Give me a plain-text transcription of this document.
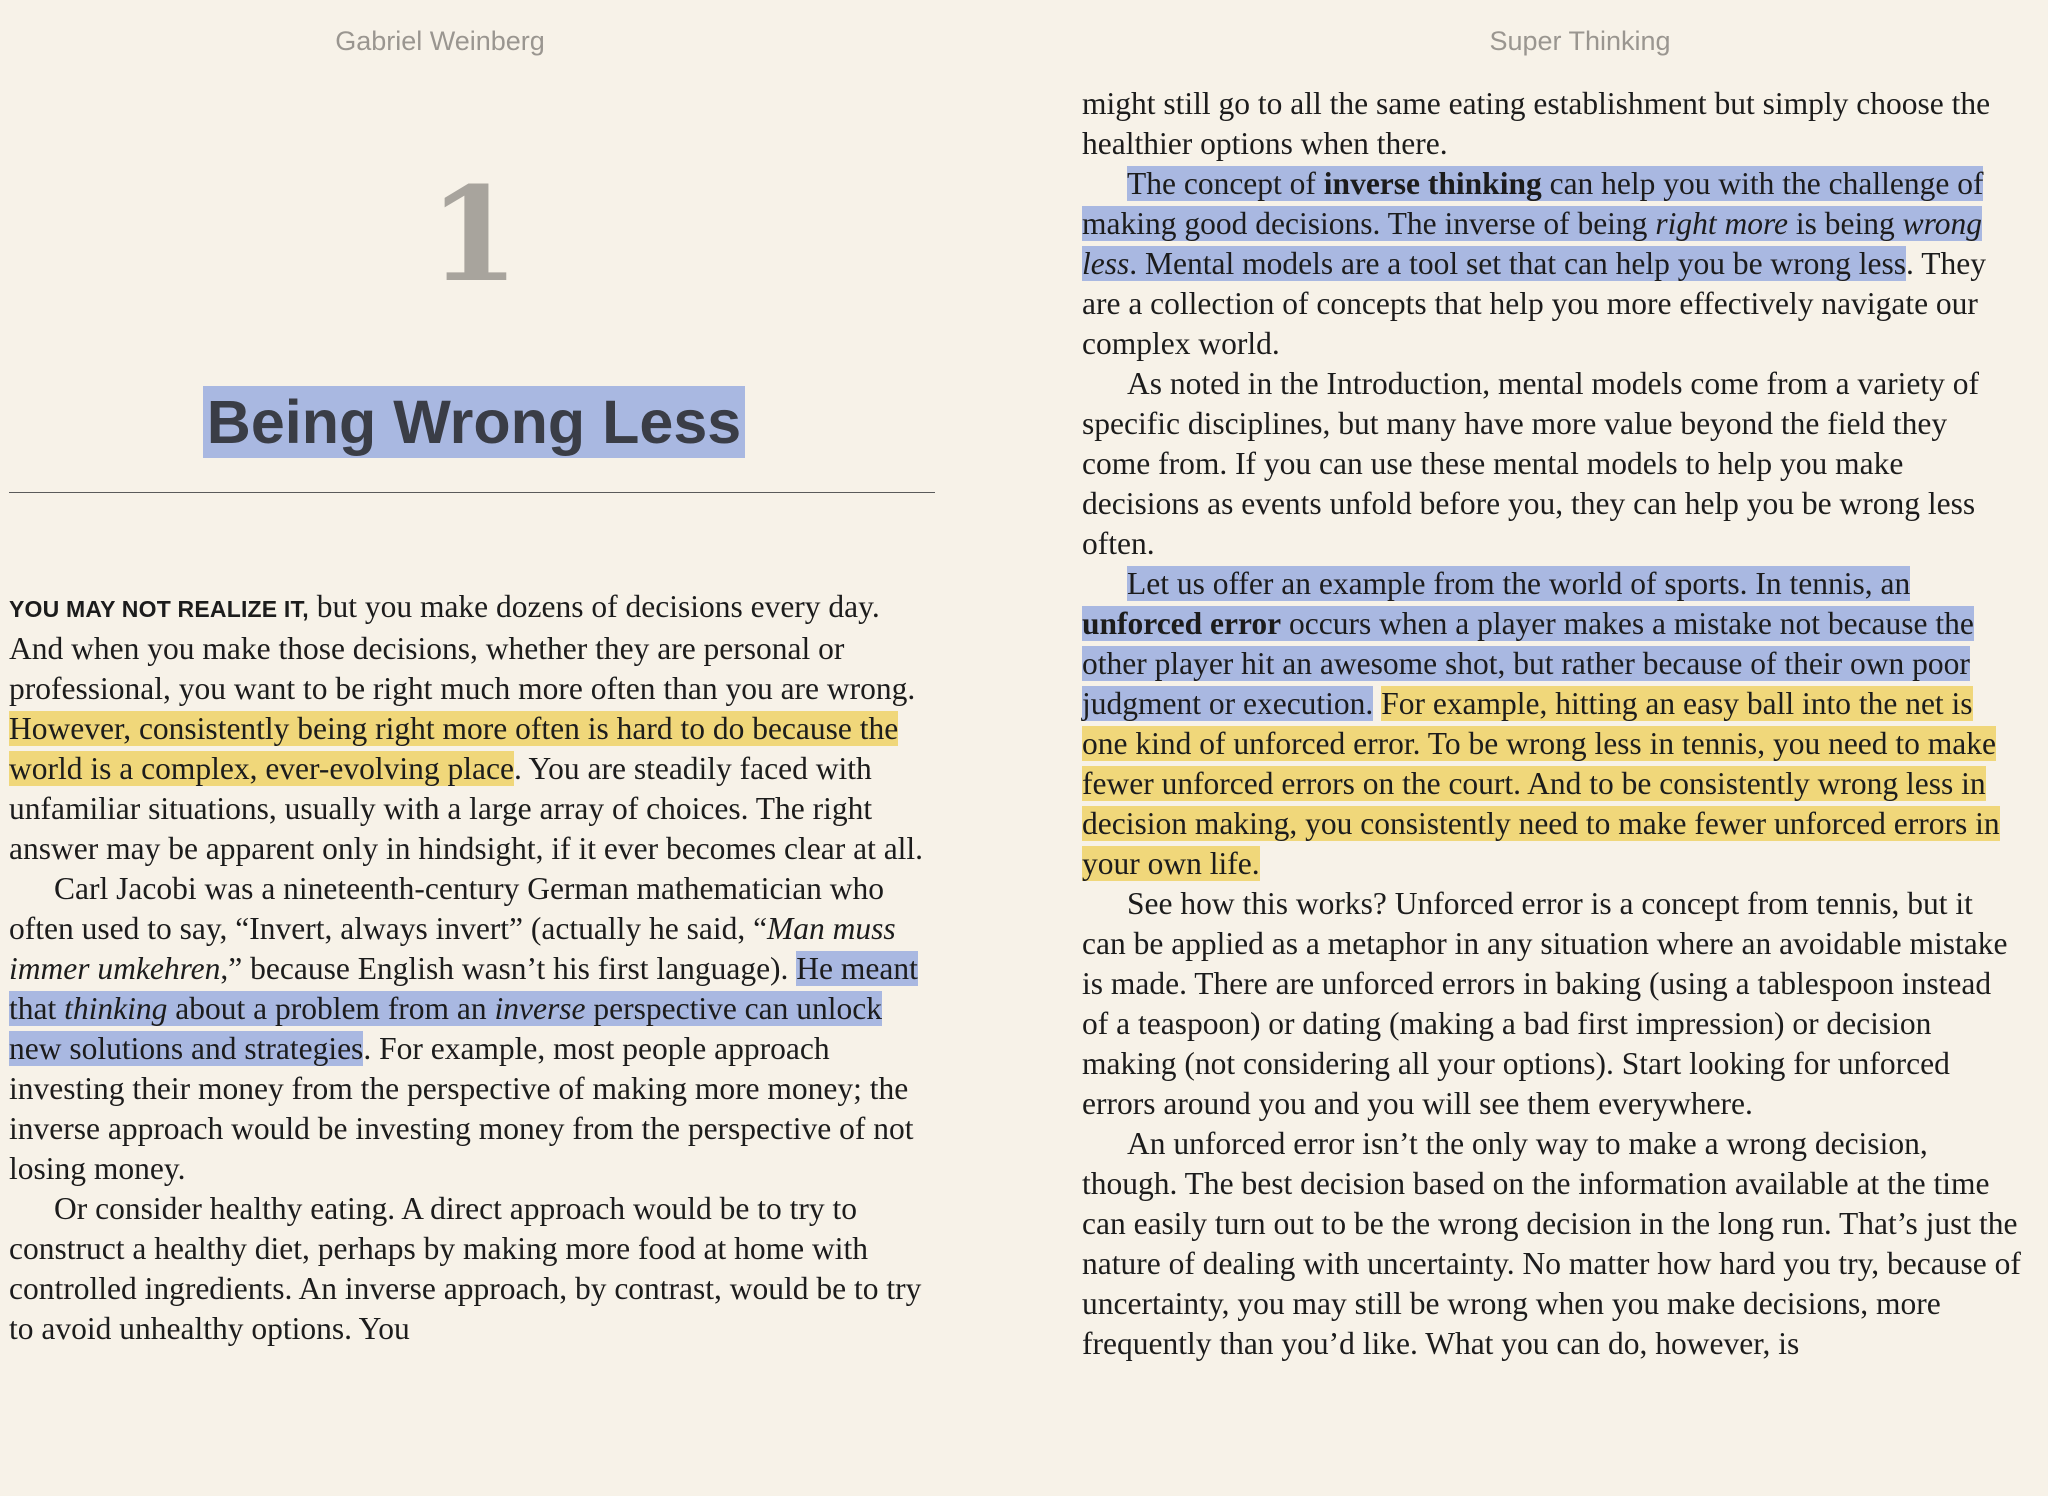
Gabriel Weinberg	Super Thinking
1
Being Wrong Less

YOU MAY NOT REALIZE IT, but you make dozens of decisions every day. And when you make those decisions, whether they are personal or professional, you want to be right much more often than you are wrong. However, consistently being right more often is hard to do because the world is a complex, ever-evolving place. You are steadily faced with unfamiliar situations, usually with a large array of choices. The right answer may be apparent only in hindsight, if it ever becomes clear at all.

Carl Jacobi was a nineteenth-century German mathematician who often used to say, “Invert, always invert” (actually he said, “Man muss immer umkehren,” because English wasn’t his first language). He meant that thinking about a problem from an inverse perspective can unlock new solutions and strategies. For example, most people approach investing their money from the perspective of making more money; the inverse approach would be investing money from the perspective of not losing money.

Or consider healthy eating. A direct approach would be to try to construct a healthy diet, perhaps by making more food at home with controlled ingredients. An inverse approach, by contrast, would be to try to avoid unhealthy options. You

might still go to all the same eating establishment but simply choose the healthier options when there.

The concept of inverse thinking can help you with the challenge of making good decisions. The inverse of being right more is being wrong less. Mental models are a tool set that can help you be wrong less. They are a collection of concepts that help you more effectively navigate our complex world.

As noted in the Introduction, mental models come from a variety of specific disciplines, but many have more value beyond the field they come from. If you can use these mental models to help you make decisions as events unfold before you, they can help you be wrong less often.

Let us offer an example from the world of sports. In tennis, an unforced error occurs when a player makes a mistake not because the other player hit an awesome shot, but rather because of their own poor judgment or execution. For example, hitting an easy ball into the net is one kind of unforced error. To be wrong less in tennis, you need to make fewer unforced errors on the court. And to be consistently wrong less in decision making, you consistently need to make fewer unforced errors in your own life.

See how this works? Unforced error is a concept from tennis, but it can be applied as a metaphor in any situation where an avoidable mistake is made. There are unforced errors in baking (using a tablespoon instead of a teaspoon) or dating (making a bad first impression) or decision making (not considering all your options). Start looking for unforced errors around you and you will see them everywhere.

An unforced error isn’t the only way to make a wrong decision, though. The best decision based on the information available at the time can easily turn out to be the wrong decision in the long run. That’s just the nature of dealing with uncertainty. No matter how hard you try, because of uncertainty, you may still be wrong when you make decisions, more frequently than you’d like. What you can do, however, is
